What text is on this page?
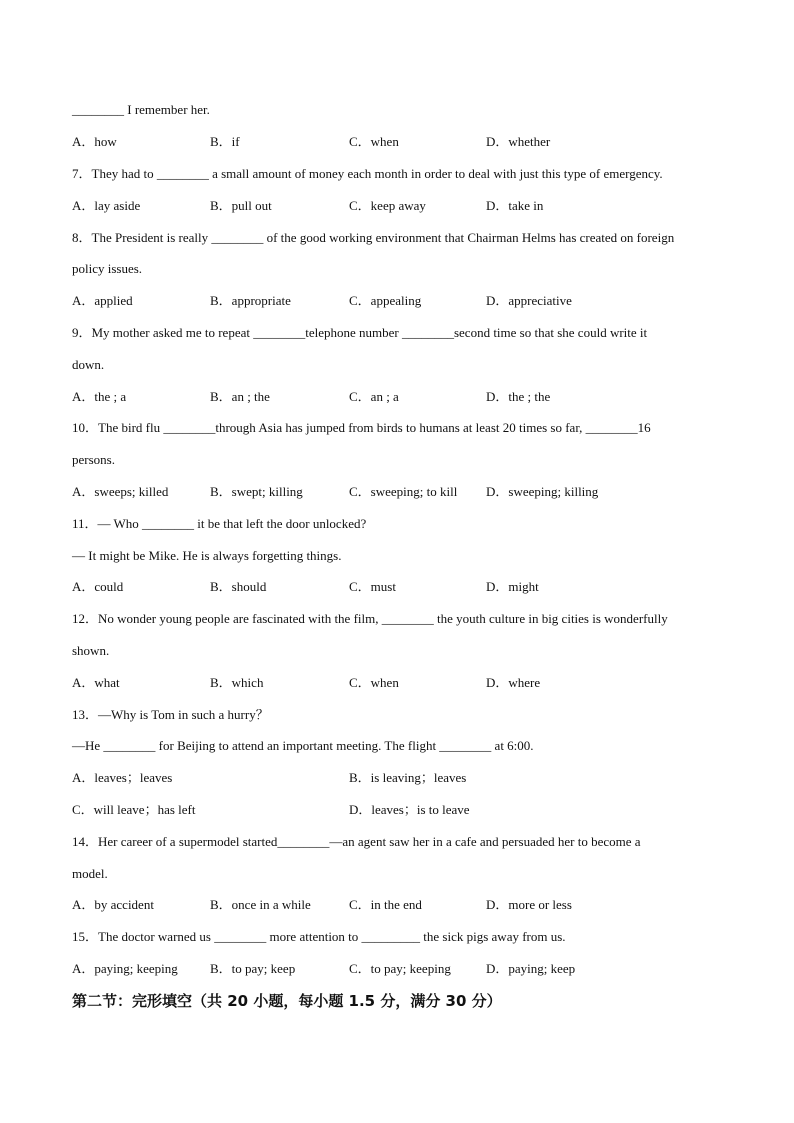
________ I remember her.
A．how	B．if	C．when	D．whether
7．They had to ________ a small amount of money each month in order to deal with just this type of emergency.
A．lay aside	B．pull out	C．keep away	D．take in
8．The President is really ________ of the good working environment that Chairman Helms has created on foreign
policy issues.
A．applied	B．appropriate	C．appealing	D．appreciative
9．My mother asked me to repeat ________telephone number ________second time so that she could write it
down.
A．the ; a	B．an ; the	C．an ; a	D．the ; the
10．The bird flu ________through Asia has jumped from birds to humans at least 20 times so far, ________16
persons.
A．sweeps; killed	B．swept; killing	C．sweeping; to kill D．sweeping; killing
11．— Who ________ it be that left the door unlocked?
— It might be Mike. He is always forgetting things.
A．could	B．should	C．must	D．might
12．No wonder young people are fascinated with the film, ________ the youth culture in big cities is wonderfully
shown.
A．what	B．which	C．when	D．where
13．—Why is Tom in such a hurry？
—He ________ for Beijing to attend an important meeting. The flight ________ at 6:00.
A．leaves；leaves	B．is leaving；leaves
C．will leave；has left	D．leaves；is to leave
14．Her career of a supermodel started________—an agent saw her in a cafe and persuaded her to become a
model.
A．by accident	B．once in a while	C．in the end	D．more or less
15．The doctor warned us ________ more attention to _________ the sick pigs away from us.
A．paying; keeping B．to pay; keep	C．to pay; keeping	D．paying; keep
第二节：完形填空（共 20 小题，每小题 1.5 分，满分 30 分）
